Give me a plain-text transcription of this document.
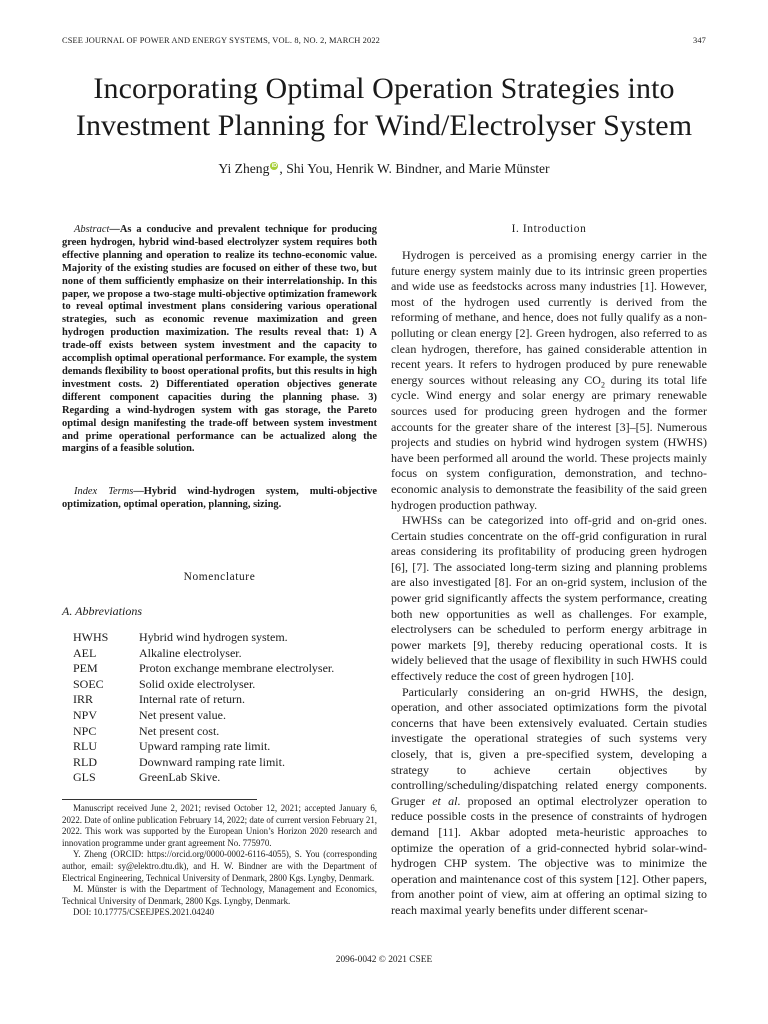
CSEE JOURNAL OF POWER AND ENERGY SYSTEMS, VOL. 8, NO. 2, MARCH 2022	347
Incorporating Optimal Operation Strategies into
Investment Planning for Wind/Electrolyser System
Yi Zheng iD , Shi You, Henrik W. Bindner, and Marie Münster

Abstract—As a conducive and prevalent technique for producing green hydrogen, hybrid wind-based electrolyzer system requires both effective planning and operation to realize its techno-economic value. Majority of the existing studies are focused on either of these two, but none of them sufficiently emphasize on their interrelationship. In this paper, we propose a two-stage multi-objective optimization framework to reveal optimal investment plans considering various operational strategies, such as economic revenue maximization and green hydrogen production maximization. The results reveal that: 1) A trade-off exists between system investment and the capacity to accomplish optimal operational performance. For example, the system demands flexibility to boost operational profits, but this results in high investment costs. 2) Differentiated operation objectives generate different component capacities during the planning phase. 3) Regarding a wind-hydrogen system with gas storage, the Pareto optimal design manifesting the trade-off between system investment and prime operational performance can be actualized along the margins of a feasible solution.

Index Terms—Hybrid wind-hydrogen system, multi-objective optimization, optimal operation, planning, sizing.

Nomenclature
A. Abbreviations
HWHS	Hybrid wind hydrogen system.
AEL	Alkaline electrolyser.
PEM	Proton exchange membrane electrolyser.
SOEC	Solid oxide electrolyser.
IRR	Internal rate of return.
NPV	Net present value.
NPC	Net present cost.
RLU	Upward ramping rate limit.
RLD	Downward ramping rate limit.
GLS	GreenLab Skive.

Manuscript received June 2, 2021; revised October 12, 2021; accepted January 6, 2022. Date of online publication February 14, 2022; date of current version February 21, 2022. This work was supported by the European Union’s Horizon 2020 research and innovation programme under grant agreement No. 775970.

Y. Zheng (ORCID: https://orcid.org/0000-0002-6116-4055), S. You (corresponding author, email: sy@elektro.dtu.dk), and H. W. Bindner are with the Department of Electrical Engineering, Technical University of Denmark, 2800 Kgs. Lyngby, Denmark.

M. Münster is with the Department of Technology, Management and Economics, Technical University of Denmark, 2800 Kgs. Lyngby, Denmark.

DOI: 10.17775/CSEEJPES.2021.04240

I. Introduction

Hydrogen is perceived as a promising energy carrier in the future energy system mainly due to its intrinsic green properties and wide use as feedstocks across many industries [1]. However, most of the hydrogen used currently is derived from the reforming of methane, and hence, does not fully qualify as a non-polluting or clean energy [2]. Green hydrogen, also referred to as clean hydrogen, therefore, has gained considerable attention in recent years. It refers to hydrogen produced by pure renewable energy sources without releasing any $CO_2$ during its total life cycle. Wind energy and solar energy are primary renewable sources used for producing green hydrogen and the former accounts for the greater share of the interest [3]–[5]. Numerous projects and studies on hybrid wind hydrogen system (HWHS) have been performed all around the world. These projects mainly focus on system configuration, demonstration, and techno-economic analysis to demonstrate the feasibility of the said green hydrogen production pathway.

HWHSs can be categorized into off-grid and on-grid ones. Certain studies concentrate on the off-grid configuration in rural areas considering its profitability of producing green hydrogen [6], [7]. The associated long-term sizing and planning problems are also investigated [8]. For an on-grid system, inclusion of the power grid significantly affects the system performance, creating both new opportunities as well as challenges. For example, electrolysers can be scheduled to perform energy arbitrage in power markets [9], thereby reducing operational costs. It is widely believed that the usage of flexibility in such HWHS could effectively reduce the cost of green hydrogen [10].

Particularly considering an on-grid HWHS, the design, operation, and other associated optimizations form the pivotal concerns that have been extensively evaluated. Certain studies investigate the operational strategies of such systems very closely, that is, given a pre-specified system, developing a strategy to achieve certain objectives by controlling/scheduling/dispatching related energy components. Gruger et al. proposed an optimal electrolyzer operation to reduce possible costs in the presence of constraints of hydrogen demand [11]. Akbar adopted meta-heuristic approaches to optimize the operation of a grid-connected hybrid solar-wind-hydrogen CHP system. The objective was to minimize the operation and maintenance cost of this system [12]. Other papers, from another point of view, aim at offering an optimal sizing to reach maximal yearly benefits under different scenar-

2096-0042 © 2021 CSEE
